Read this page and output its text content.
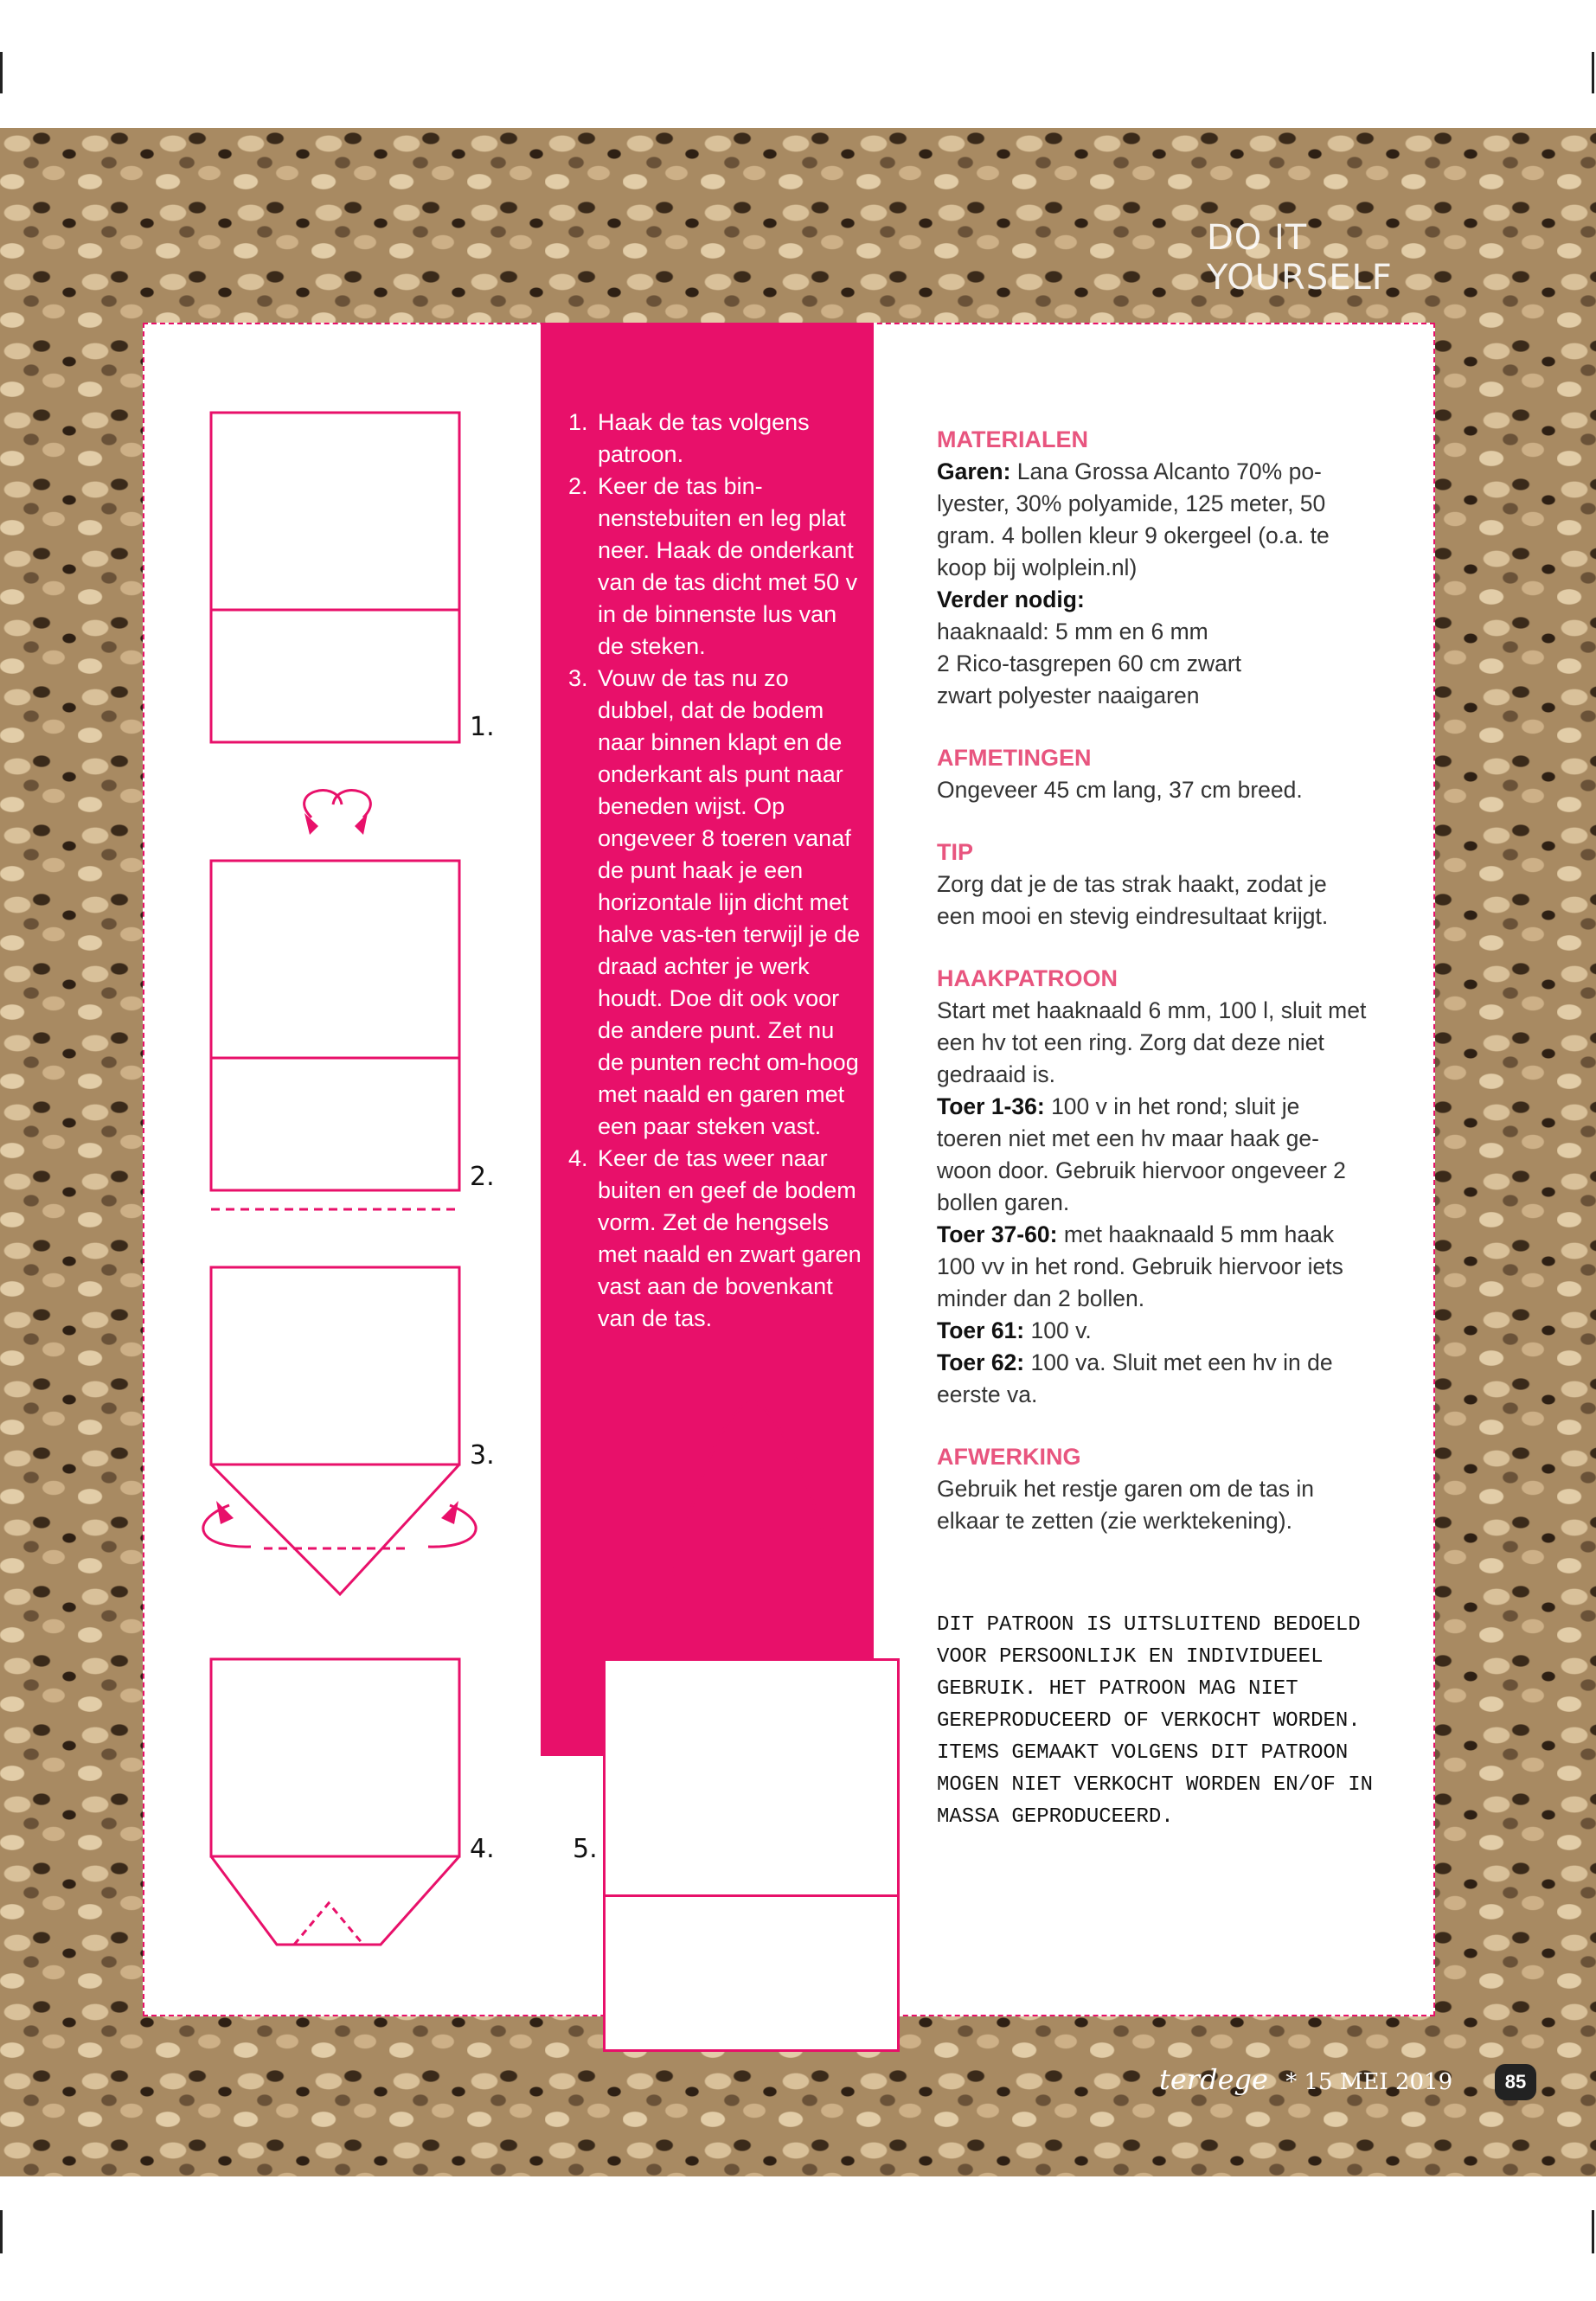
DO IT YOURSELF
1.
2.
3.
4.	5.
1. Haak de tas volgens patroon.
2. Keer de tas bin-nenstebuiten en leg plat neer. Haak de onderkant van de tas dicht met 50 v in de binnenste lus van de steken.
3. Vouw de tas nu zo dubbel, dat de bodem naar binnen klapt en de onderkant als punt naar beneden wijst. Op ongeveer 8 toeren vanaf de punt haak je een horizontale lijn dicht met halve vas-ten terwijl je de draad achter je werk houdt. Doe dit ook voor de andere punt. Zet nu de punten recht om-hoog met naald en garen met een paar steken vast.
4. Keer de tas weer naar buiten en geef de bodem vorm. Zet de hengsels met naald en zwart garen vast aan de bovenkant van de tas.
MATERIALEN

Garen: Lana Grossa Alcanto 70% po-lyester, 30% polyamide, 125 meter, 50 gram. 4 bollen kleur 9 okergeel (o.a. te koop bij wolplein.nl)

Verder nodig:

haaknaald: 5 mm en 6 mm

2 Rico-tasgrepen 60 cm zwart

zwart polyester naaigaren

AFMETINGEN

Ongeveer 45 cm lang, 37 cm breed.

TIP

Zorg dat je de tas strak haakt, zodat je een mooi en stevig eindresultaat krijgt.

HAAKPATROON

Start met haaknaald 6 mm, 100 l, sluit met een hv tot een ring. Zorg dat deze niet gedraaid is.

Toer 1-36: 100 v in het rond; sluit je toeren niet met een hv maar haak ge-woon door. Gebruik hiervoor ongeveer 2 bollen garen.

Toer 37-60: met haaknaald 5 mm haak 100 vv in het rond. Gebruik hiervoor iets minder dan 2 bollen.

Toer 61: 100 v.

Toer 62: 100 va. Sluit met een hv in de eerste va.

AFWERKING

Gebruik het restje garen om de tas in elkaar te zetten (zie werktekening).

DIT PATROON IS UITSLUITEND BEDOELD VOOR PERSOONLIJK EN INDIVIDUEEL GEBRUIK. HET PATROON MAG NIET GEREPRODUCEERD OF VERKOCHT WORDEN. ITEMS GEMAAKT VOLGENS DIT PATROON MOGEN NIET VERKOCHT WORDEN EN/OF IN MASSA GEPRODUCEERD.
terdege * 15 MEI 2019	85
